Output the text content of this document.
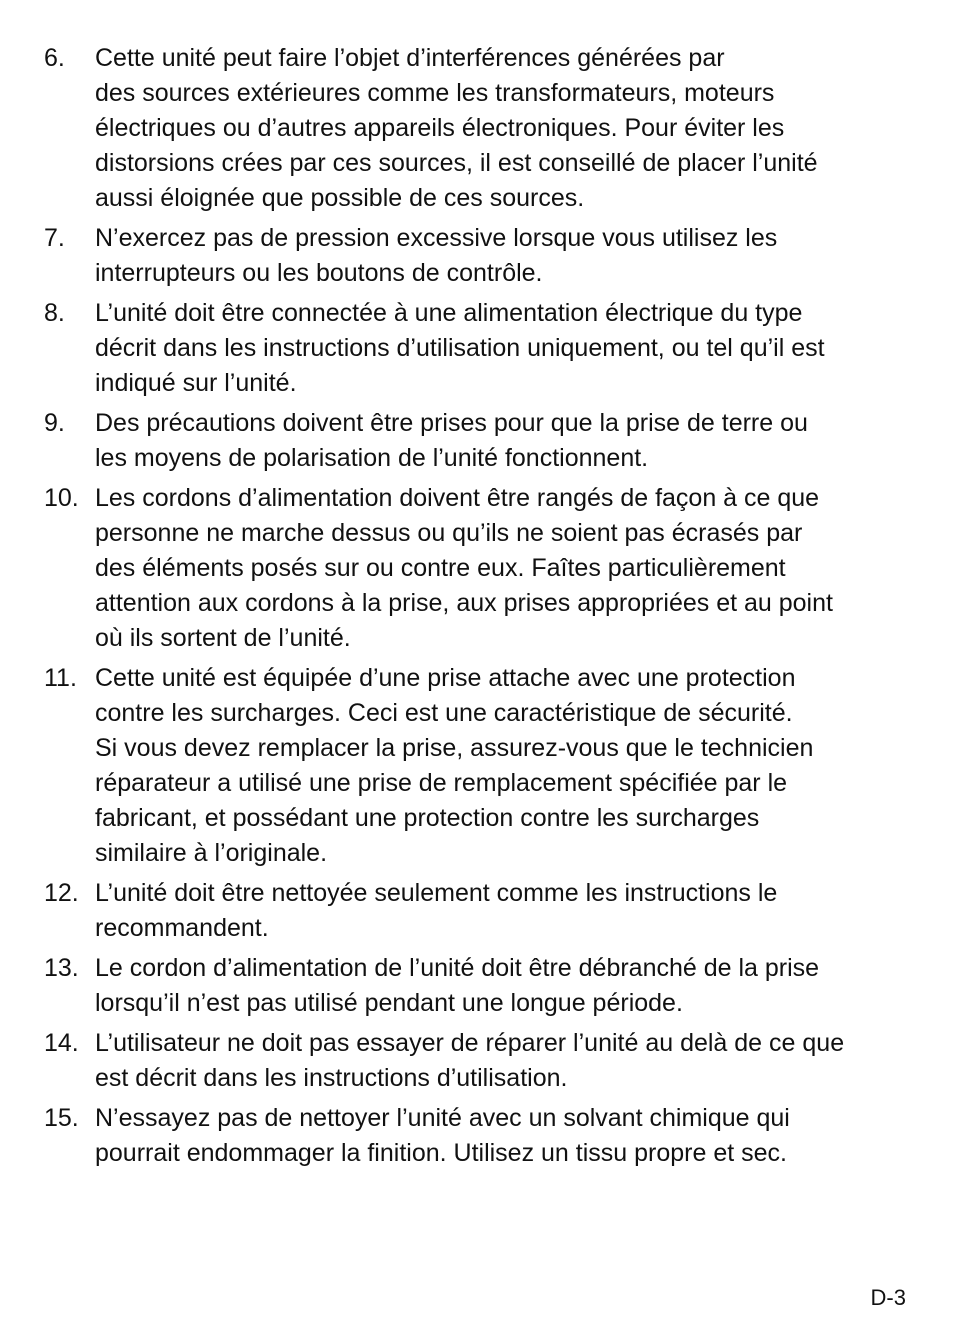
6.	Cette unité peut faire l’objet d’interférences générées par
des sources extérieures comme les transformateurs, moteurs
électriques ou d’autres appareils électroniques. Pour éviter les
distorsions crées par ces sources, il est conseillé de placer l’unité
aussi éloignée que possible de ces sources.
7.	N’exercez pas de pression excessive lorsque vous utilisez les
interrupteurs ou les boutons de contrôle.
8.	L’unité doit être connectée à une alimentation électrique du type
décrit dans les instructions d’utilisation uniquement, ou tel qu’il est
indiqué sur l’unité.
9.	Des précautions doivent être prises pour que la prise de terre ou
les moyens de polarisation de l’unité fonctionnent.
10. Les cordons d’alimentation doivent être rangés de façon à ce que
personne ne marche dessus ou qu’ils ne soient pas écrasés par
des éléments posés sur ou contre eux. Faîtes particulièrement
attention aux cordons à la prise, aux prises appropriées et au point
où ils sortent de l’unité.
11. Cette unité est équipée d’une prise attache avec une protection
contre les surcharges. Ceci est une caractéristique de sécurité.
Si vous devez remplacer la prise, assurez-vous que le technicien
réparateur a utilisé une prise de remplacement spécifiée par le
fabricant, et possédant une protection contre les surcharges
similaire à l’originale.
12. L’unité doit être nettoyée seulement comme les instructions le
recommandent.
13. Le cordon d’alimentation de l’unité doit être débranché de la prise
lorsqu’il n’est pas utilisé pendant une longue période.
14. L’utilisateur ne doit pas essayer de réparer l’unité au delà de ce que
est décrit dans les instructions d’utilisation.
15. N’essayez pas de nettoyer l’unité avec un solvant chimique qui
pourrait endommager la finition. Utilisez un tissu propre et sec.
D-3
